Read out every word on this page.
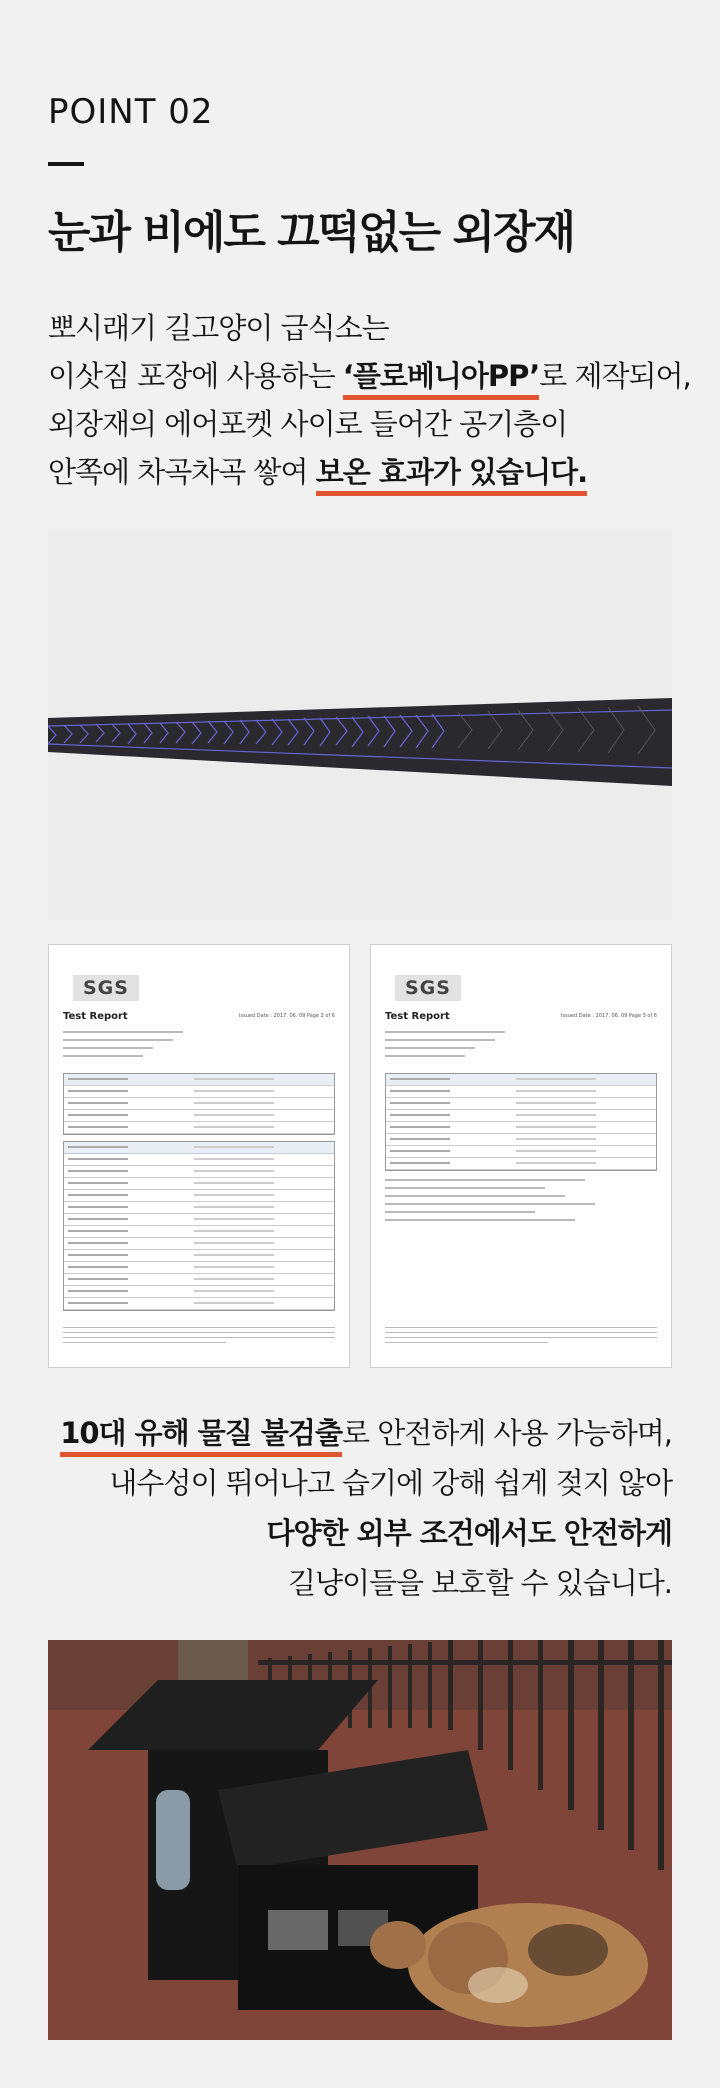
POINT 02
눈과 비에도 끄떡없는 외장재
뽀시래기 길고양이 급식소는
이삿짐 포장에 사용하는 ‘플로베니아PP’로 제작되어,
외장재의 에어포켓 사이로 들어간 공기층이
안쪽에 차곡차곡 쌓여 보온 효과가 있습니다.
SGS
Test Report	Issued Date : 2017. 06. 09 Page 2 of 6
SGS
Test Report	Issued Date : 2017. 06. 09 Page 3 of 6
10대 유해 물질 불검출로 안전하게 사용 가능하며,
내수성이 뛰어나고 습기에 강해 쉽게 젖지 않아
다양한 외부 조건에서도 안전하게
길냥이들을 보호할 수 있습니다.
